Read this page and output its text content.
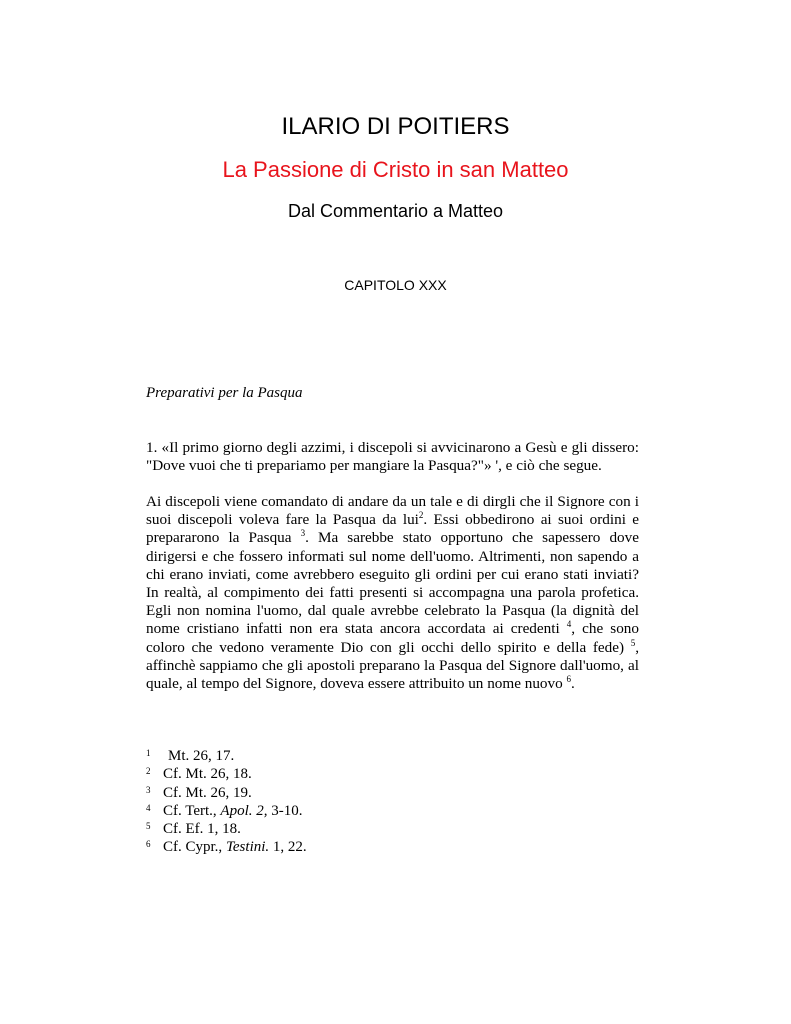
ILARIO DI POITIERS
La Passione di Cristo in san Matteo
Dal Commentario a Matteo
CAPITOLO XXX
Preparativi per la Pasqua
1. «Il primo giorno degli azzimi, i discepoli si avvicinarono a Gesù e gli dissero: "Dove vuoi che ti prepariamo per mangiare la Pasqua?"» ', e ciò che segue.
Ai discepoli viene comandato di andare da un tale e di dirgli che il Signore con i suoi discepoli voleva fare la Pasqua da lui$^2$. Essi obbedirono ai suoi ordini e prepararono la Pasqua $^3$. Ma sarebbe stato opportuno che sapessero dove dirigersi e che fossero informati sul nome dell'uomo. Altrimenti, non sapendo a chi erano inviati, come avrebbero eseguito gli ordini per cui erano stati inviati? In realtà, al compimento dei fatti presenti si accompagna una parola profetica. Egli non nomina l'uomo, dal quale avrebbe celebrato la Pasqua (la dignità del nome cristiano infatti non era stata ancora accordata ai credenti $^4$, che sono coloro che vedono veramente Dio con gli occhi dello spirito e della fede) $^5$, affinchè sappiamo che gli apostoli preparano la Pasqua del Signore dall'uomo, al quale, al tempo del Signore, doveva essere attribuito un nome nuovo $^6$.
1	Mt. 26, 17.
2 Cf. Mt. 26, 18.
3 Cf. Mt. 26, 19.
4 Cf. Tert., Apol. 2, 3-10.
5 Cf. Ef. 1, 18.
6 Cf. Cypr., Testini. 1, 22.
